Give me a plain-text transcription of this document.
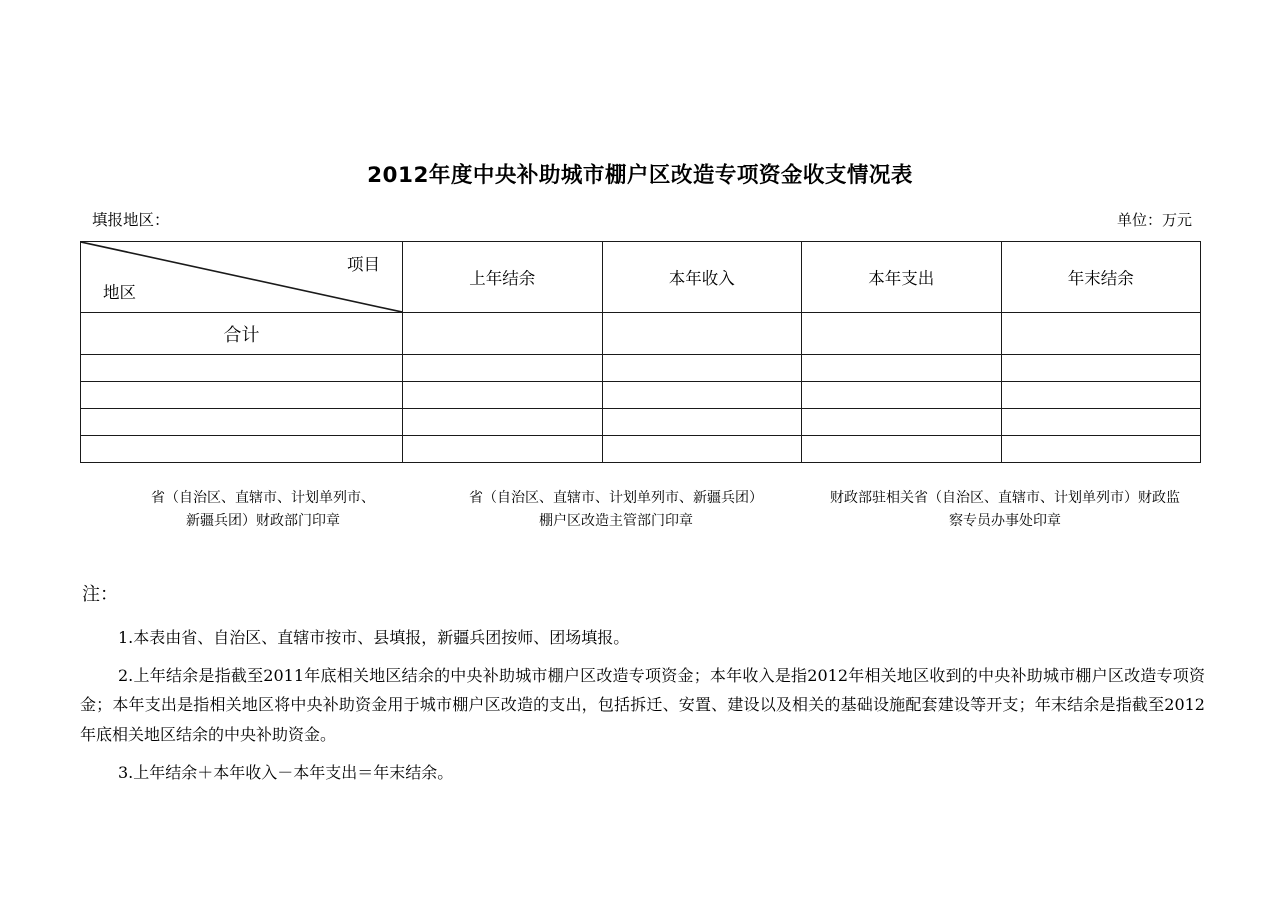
2012年度中央补助城市棚户区改造专项资金收支情况表
填报地区：	单位：万元
项目
地区	上年结余	本年收入	本年支出	年末结余
合计				

省（自治区、直辖市、计划单列市、
新疆兵团）财政部门印章
省（自治区、直辖市、计划单列市、新疆兵团）
棚户区改造主管部门印章
财政部驻相关省（自治区、直辖市、计划单列市）财政监
察专员办事处印章
注：

1.本表由省、自治区、直辖市按市、县填报，新疆兵团按师、团场填报。

2.上年结余是指截至2011年底相关地区结余的中央补助城市棚户区改造专项资金；本年收入是指2012年相关地区收到的中央补助城市棚户区改造专项资金；本年支出是指相关地区将中央补助资金用于城市棚户区改造的支出，包括拆迁、安置、建设以及相关的基础设施配套建设等开支；年末结余是指截至2012年底相关地区结余的中央补助资金。

3.上年结余＋本年收入－本年支出＝年末结余。
